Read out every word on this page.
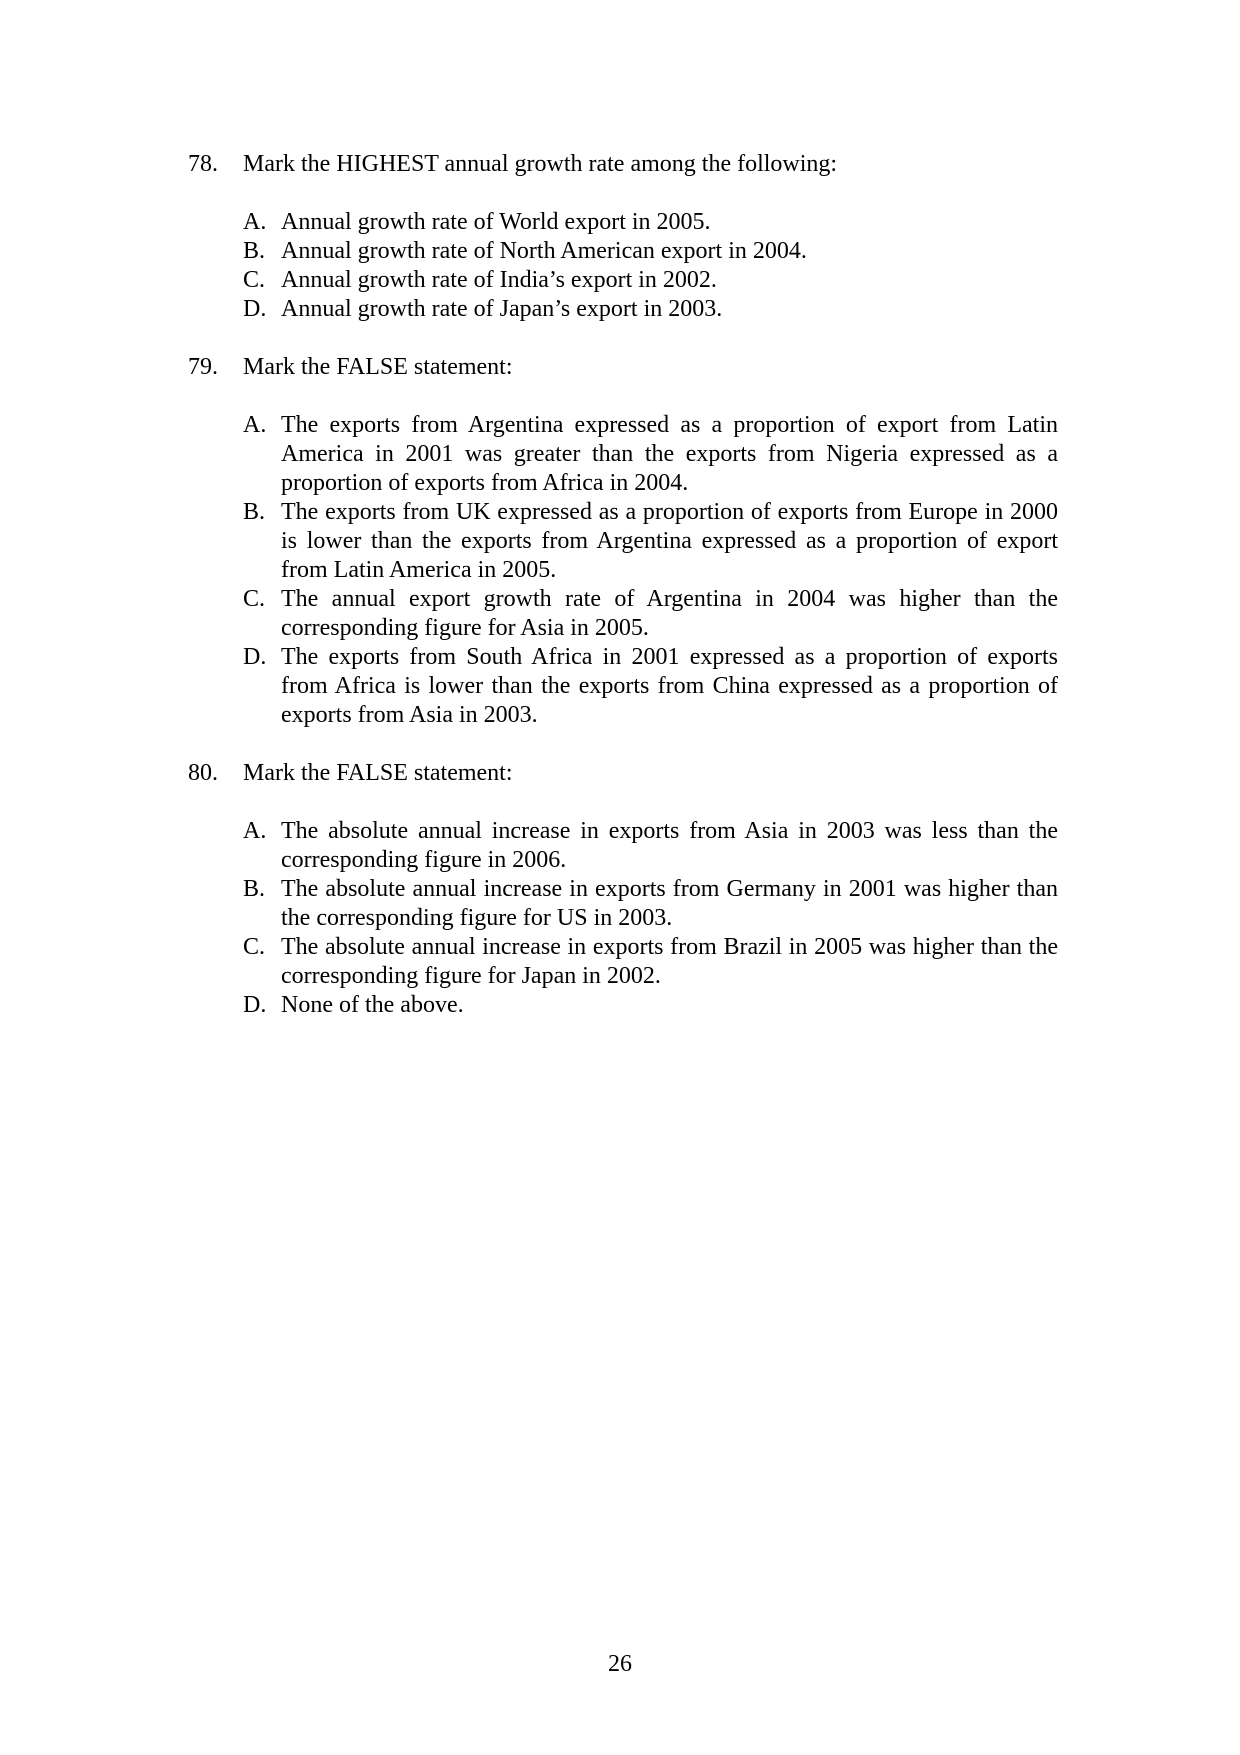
78.	Mark the HIGHEST annual growth rate among the following:
A. Annual growth rate of World export in 2005.
B. Annual growth rate of North American export in 2004.
C. Annual growth rate of India’s export in 2002.
D. Annual growth rate of Japan’s export in 2003.
79.	Mark the FALSE statement:
A. The exports from Argentina expressed as a proportion of export from Latin America in 2001 was greater than the exports from Nigeria expressed as a proportion of exports from Africa in 2004.
B. The exports from UK expressed as a proportion of exports from Europe in 2000 is lower than the exports from Argentina expressed as a proportion of export from Latin America in 2005.
C. The annual export growth rate of Argentina in 2004 was higher than the corresponding figure for Asia in 2005.
D. The exports from South Africa in 2001 expressed as a proportion of exports from Africa is lower than the exports from China expressed as a proportion of exports from Asia in 2003.
80.	Mark the FALSE statement:
A. The absolute annual increase in exports from Asia in 2003 was less than the corresponding figure in 2006.
B. The absolute annual increase in exports from Germany in 2001 was higher than the corresponding figure for US in 2003.
C. The absolute annual increase in exports from Brazil in 2005 was higher than the corresponding figure for Japan in 2002.
D. None of the above.
26
